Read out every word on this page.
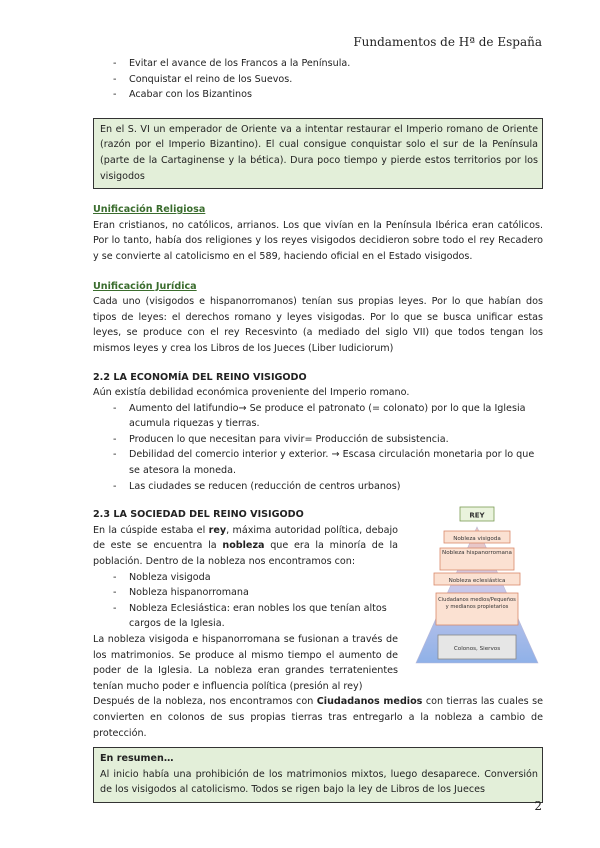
Fundamentos de Hª de España
- Evitar el avance de los Francos a la Península.
- Conquistar el reino de los Suevos.
- Acabar con los Bizantinos

En el S. VI un emperador de Oriente va a intentar restaurar el Imperio romano de Oriente (razón por el Imperio Bizantino). El cual consigue conquistar solo el sur de la Península (parte de la Cartaginense y la bética). Dura poco tiempo y pierde estos territorios por los visigodos

Unificación Religiosa

Eran cristianos, no católicos, arrianos. Los que vivían en la Península Ibérica eran católicos. Por lo tanto, había dos religiones y los reyes visigodos decidieron sobre todo el rey Recadero y se convierte al catolicismo en el 589, haciendo oficial en el Estado visigodos.

Unificación Jurídica

Cada uno (visigodos e hispanorromanos) tenían sus propias leyes. Por lo que habían dos tipos de leyes: el derechos romano y leyes visigodas. Por lo que se busca unificar estas leyes, se produce con el rey Recesvinto (a mediado del siglo VII) que todos tengan los mismos leyes y crea los Libros de los Jueces (Liber Iudiciorum)

2.2 LA ECONOMÍA DEL REINO VISIGODO

Aún existía debilidad económica proveniente del Imperio romano.

- Aumento del latifundio→ Se produce el patronato (= colonato) por lo que la Iglesia acumula riquezas y tierras.
- Producen lo que necesitan para vivir= Producción de subsistencia.
- Debilidad del comercio interior y exterior. → Escasa circulación monetaria por lo que se atesora la moneda.
- Las ciudades se reducen (reducción de centros urbanos)
2.3 LA SOCIEDAD DEL REINO VISIGODO

En la cúspide estaba el rey, máxima autoridad política, debajo de este se encuentra la nobleza que era la minoría de la población. Dentro de la nobleza nos encontramos con:

- Nobleza visigoda
- Nobleza hispanorromana
- Nobleza Eclesiástica: eran nobles los que tenían altos cargos de la Iglesia.

La nobleza visigoda e hispanorromana se fusionan a través de los matrimonios. Se produce al mismo tiempo el aumento de poder de la Iglesia. La nobleza eran grandes terratenientes tenían mucho poder e influencia política (presión al rey)

Después de la nobleza, nos encontramos con Ciudadanos medios con tierras las cuales se convierten en colonos de sus propias tierras tras entregarlo a la nobleza a cambio de protección.

En resumen…

Al inicio había una prohibición de los matrimonios mixtos, luego desaparece. Conversión de los visigodos al catolicismo. Todos se rigen bajo la ley de Libros de los Jueces

REY
Nobleza visigoda
Nobleza hispanorromana
Nobleza eclesiástica
Ciudadanos medios/Pequeños y medianos propietarios
Colonos, Siervos
2
